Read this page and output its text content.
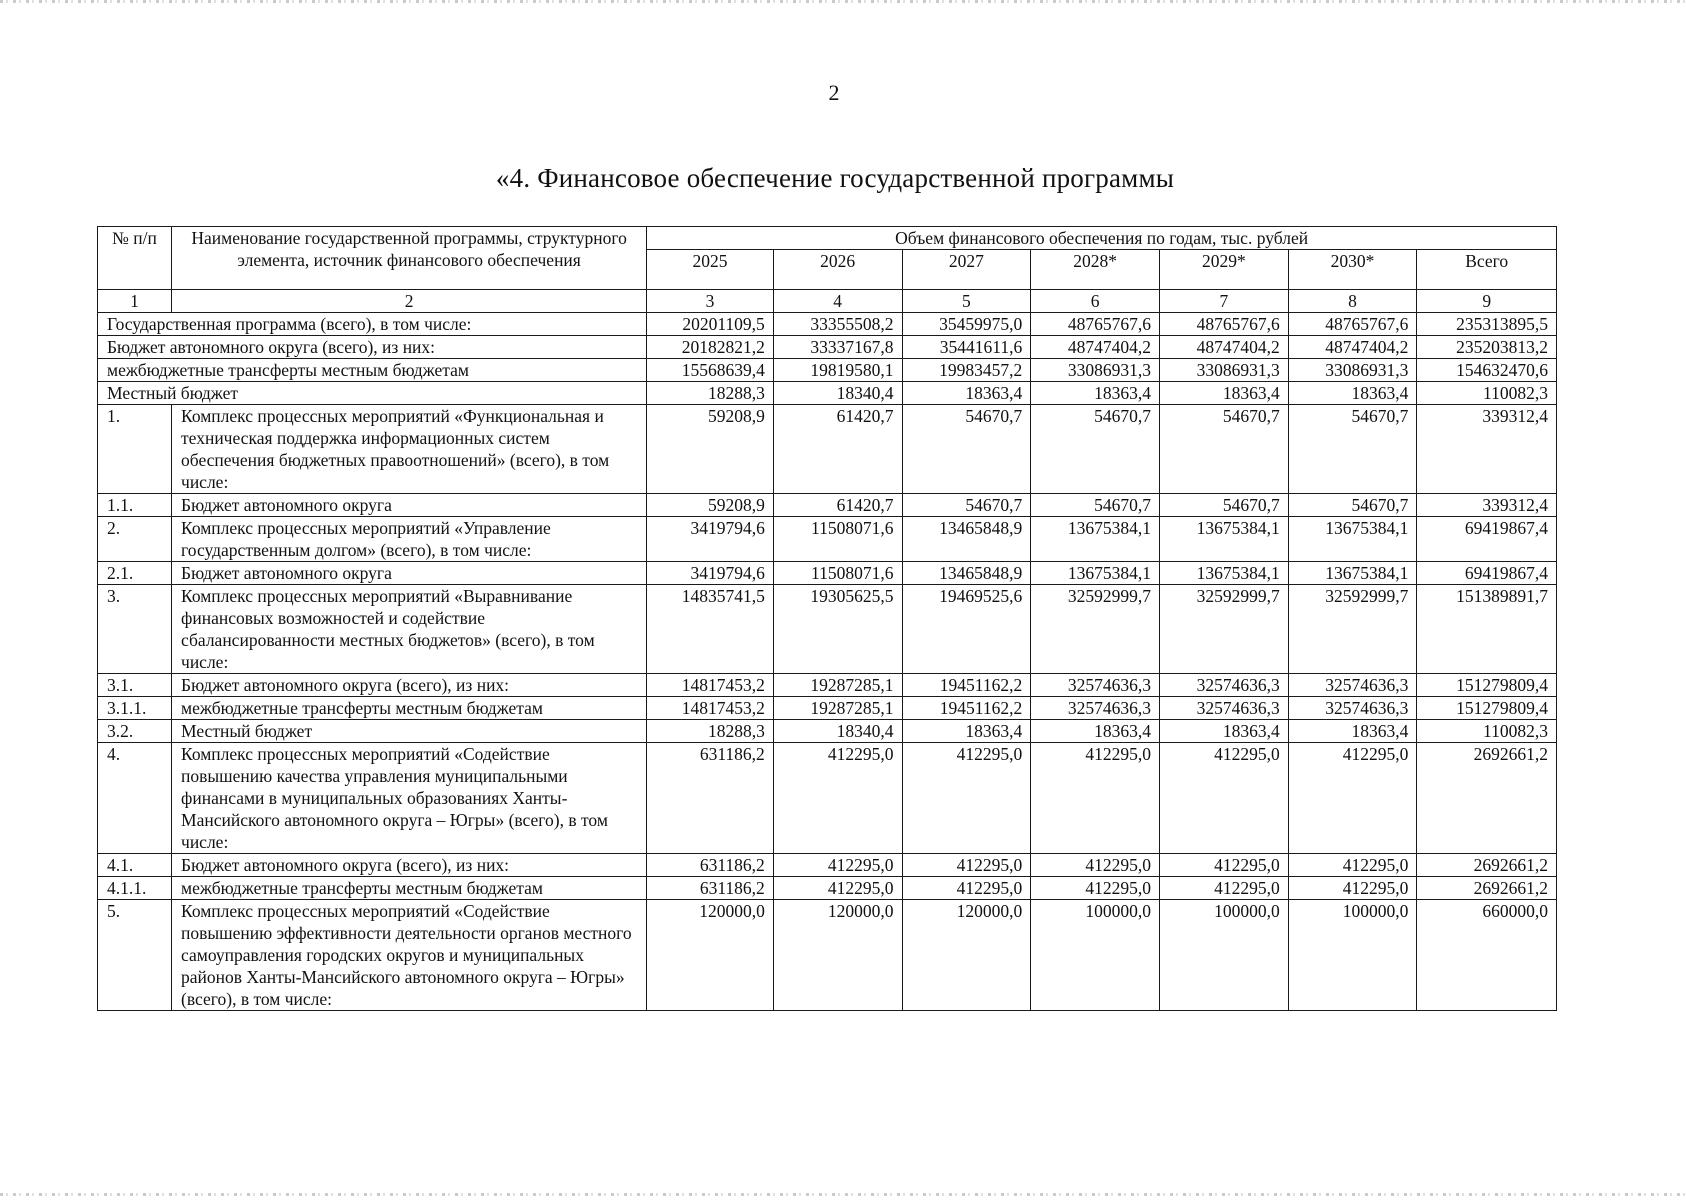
2
«4. Финансовое обеспечение государственной программы
№ п/п	Наименование государственной программы, структурного элемента, источник финансового обеспечения	Объем финансового обеспечения по годам, тыс. рублей						
		2025	2026	2027	2028*	2029*	2030*	Всего
1	2	3	4	5	6	7	8	9
Государственная программа (всего), в том числе:		20201109,5	33355508,2	35459975,0	48765767,6	48765767,6	48765767,6	235313895,5
Бюджет автономного округа (всего), из них:		20182821,2	33337167,8	35441611,6	48747404,2	48747404,2	48747404,2	235203813,2
межбюджетные трансферты местным бюджетам		15568639,4	19819580,1	19983457,2	33086931,3	33086931,3	33086931,3	154632470,6
Местный бюджет		18288,3	18340,4	18363,4	18363,4	18363,4	18363,4	110082,3
1.	Комплекс процессных мероприятий «Функциональная и техническая поддержка информационных систем обеспечения бюджетных правоотношений» (всего), в том числе:	59208,9	61420,7	54670,7	54670,7	54670,7	54670,7	339312,4
1.1.	Бюджет автономного округа	59208,9	61420,7	54670,7	54670,7	54670,7	54670,7	339312,4
2.	Комплекс процессных мероприятий «Управление государственным долгом» (всего), в том числе:	3419794,6	11508071,6	13465848,9	13675384,1	13675384,1	13675384,1	69419867,4
2.1.	Бюджет автономного округа	3419794,6	11508071,6	13465848,9	13675384,1	13675384,1	13675384,1	69419867,4
3.	Комплекс процессных мероприятий «Выравнивание финансовых возможностей и содействие сбалансированности местных бюджетов» (всего), в том числе:	14835741,5	19305625,5	19469525,6	32592999,7	32592999,7	32592999,7	151389891,7
3.1.	Бюджет автономного округа (всего), из них:	14817453,2	19287285,1	19451162,2	32574636,3	32574636,3	32574636,3	151279809,4
3.1.1.	межбюджетные трансферты местным бюджетам	14817453,2	19287285,1	19451162,2	32574636,3	32574636,3	32574636,3	151279809,4
3.2.	Местный бюджет	18288,3	18340,4	18363,4	18363,4	18363,4	18363,4	110082,3
4.	Комплекс процессных мероприятий «Содействие повышению качества управления муниципальными финансами в муниципальных образованиях Ханты-Мансийского автономного округа – Югры» (всего), в том числе:	631186,2	412295,0	412295,0	412295,0	412295,0	412295,0	2692661,2
4.1.	Бюджет автономного округа (всего), из них:	631186,2	412295,0	412295,0	412295,0	412295,0	412295,0	2692661,2
4.1.1.	межбюджетные трансферты местным бюджетам	631186,2	412295,0	412295,0	412295,0	412295,0	412295,0	2692661,2
5.	Комплекс процессных мероприятий «Содействие повышению эффективности деятельности органов местного самоуправления городских округов и муниципальных районов Ханты-Мансийского автономного округа – Югры» (всего), в том числе:	120000,0	120000,0	120000,0	100000,0	100000,0	100000,0	660000,0
